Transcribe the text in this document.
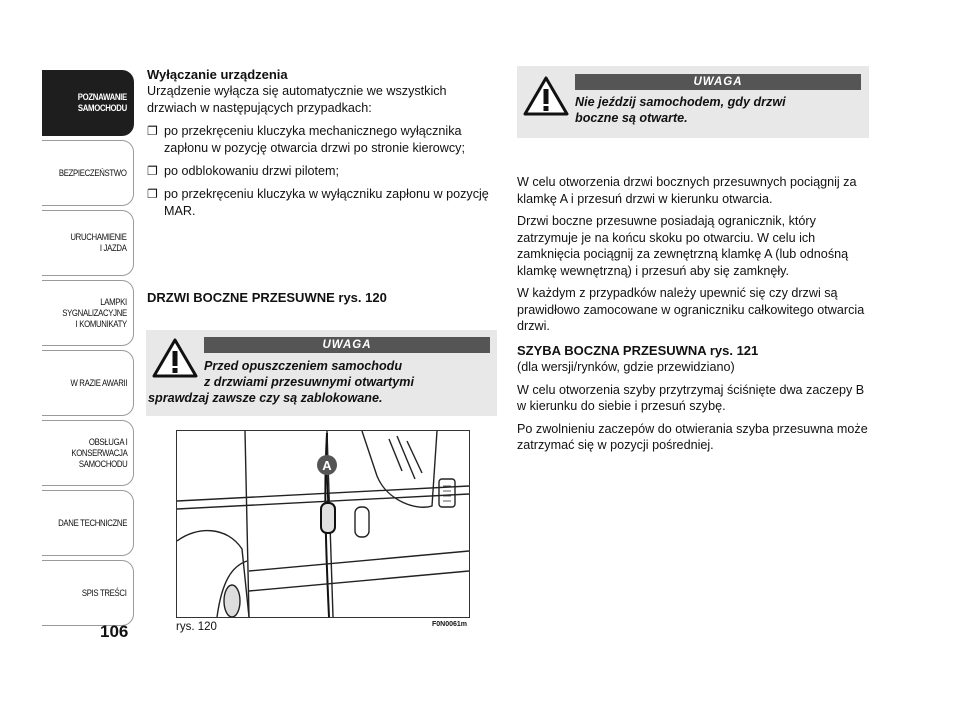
POZNAWANIE
SAMOCHODU
BEZPIECZEŃSTWO
URUCHAMIENIE
I JAZDA
LAMPKI
SYGNALIZACYJNE
I KOMUNIKATY
W RAZIE AWARII
OBSŁUGA I
KONSERWACJA
SAMOCHODU
DANE TECHNICZNE
SPIS TREŚCI
106
Wyłączanie urządzenia

Urządzenie wyłącza się automatycznie we wszystkich drzwiach w następujących przypadkach:

❐ po przekręceniu kluczyka mechanicznego wyłącznika zapłonu w pozycję otwarcia drzwi po stronie kierowcy;
❐ po odblokowaniu drzwi pilotem;
❐ po przekręceniu kluczyka w wyłączniku zapłonu w pozycję MAR.
DRZWI BOCZNE PRZESUWNE rys. 120
UWAGA
Przed opuszczeniem samochodu
z drzwiami przesuwnymi otwartymi
sprawdzaj zawsze czy są zablokowane.
A
rys. 120	F0N0061m
UWAGA
Nie jeździj samochodem, gdy drzwi
boczne są otwarte.

W celu otworzenia drzwi bocznych przesuwnych pociągnij za klamkę A i przesuń drzwi w kierunku otwarcia.

Drzwi boczne przesuwne posiadają ogranicznik, który zatrzymuje je na końcu skoku po otwarciu. W celu ich zamknięcia pociągnij za zewnętrzną klamkę A (lub odnośną klamkę wewnętrzną) i przesuń aby się zamknęły.

W każdym z przypadków należy upewnić się czy drzwi są prawidłowo zamocowane w ograniczniku całkowitego otwarcia drzwi.

SZYBA BOCZNA PRZESUWNA rys. 121

(dla wersji/rynków, gdzie przewidziano)

W celu otworzenia szyby przytrzymaj ściśnięte dwa zaczepy B w kierunku do siebie i przesuń szybę.

Po zwolnieniu zaczepów do otwierania szyba przesuwna może zatrzymać się w pozycji pośredniej.
